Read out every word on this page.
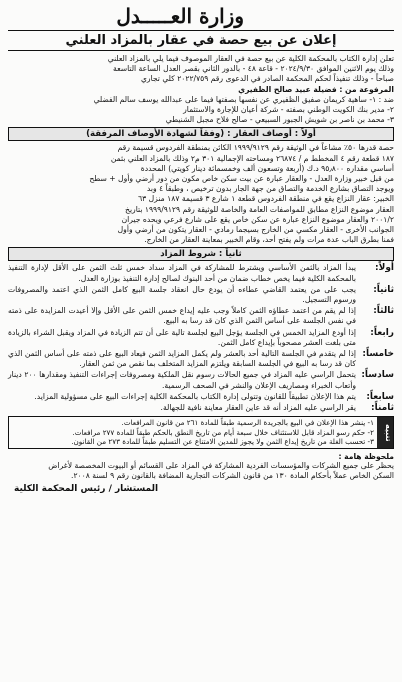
وزارة العـــــدل
إعلان عن بيع حصة في عقار بالمزاد العلني

تعلن إدارة الكتاب بالمحكمة الكلية عن بيع حصة في العقار الموصوف فيما يلي بالمزاد العلني

وذلك يوم الاثنين الموافق ٢٠٢٤/٩/٣٠ - قاعة ٤٨ - بالدور الثاني بقصر العدل الساعة التاسعة

صباحاً - وذلك تنفيذاً لحكم المحكمة الصادر في الدعوى رقم ٢٠٢٢/٧٥٩ كلي تجاري

المرفوعة من : فضيلة عبيد صالح الظفيري

ضد : ١- ساهية كريمان صفيق الظفيري عن نفسها بصفتها فيما على عبدالله يوسف سالم الفضلي

٢- مدير بنك الكويت الوطني بصفته - شركة أعيان للإجارة والاستثمار

٣- محمد بن ناصر بن شويش الجبور السبيعي - صالح فلاح مجبل الشنيطي

أولاً : أوصاف العقار : (وفقاً لشهادة الأوصاف المرفقة)

حصة قدرها ٥٠٪ مشاعاً في الوثيقة رقم ١٩٩٩/٩١٢٩ الكائن بمنطقة الفردوس قسيمة رقم

١٨٧ قطعة رقم ٤ المخطط م / ٢٦٨٧٤ ومساحته الإجمالية ٣٠١ م٢ وذلك بالمزاد العلني بثمن

أساسي مقداره ٩٥٫٨٠٠ د.ك (أربعة وتسعون ألف وخمسمائة دينار كويتي) المحددة

من قبل خبير وزارة العدل - والعقار عبارة عن بيت سكن خاص مكون من دور أرضي وأول + سطح

ويوجد التصاق بشارع الخدمة والتصاق من جهة الجار بدون ترخيص ، وطبقاً ٤ وبد

الخبير: عقار النزاع يقع في منطقة الفردوس قطعة ١ شارع ٣ قسيمة ١٨٧ منزل ٦٣

العقار موضوع النزاع مطابق للمواصفات العامة والخاصة للوثيقة رقم ١٩٩٩/٩١٢٩ بتاريخ

٢٠٠١/٢ والعقار موضوع النزاع عبارة عن سكن خاص يقع على شارع فرعي ويحده جيران

الجوانب الأخرى - العقار مكسي من الخارج بسيجما رمادي - العقار يتكون من أرضي وأول

فمنا بطرق الباب عدة مرات ولم يفتح أحد، وقام الخبير بمعاينة العقار من الخارج.

ثانياً : شروط المزاد
أولاً:
يبدأ المزاد بالثمن الأساسي ويشترط للمشاركة في المزاد سداد خمس ثلث الثمن على الأقل لإدارة التنفيذ بالمحكمة الكلية فيما يخص خطاب ضمان من أحد البنوك لصالح إدارة التنفيذ بوزارة العدل.
ثانياً:
يجب على من يعتمد القاضي عطاءه أن يودع حال انعقاد جلسة البيع كامل الثمن الذي اعتمد والمصروفات ورسوم التسجيل.
ثالثاً:
إذا لم يقم من اعتمد عطاؤه الثمن كاملاً وجب عليه إيداع خمس الثمن على الأقل وإلا أعيدت المزايدة على ذمته في نفس الجلسة على أساس الثمن الذي كان قد رسا به البيع.
رابعاً:
إذا أودع المزايد الخمس في الجلسة يؤجل البيع لجلسة تالية على أن تتم الزيادة في المزاد ويقبل الشراء بالزيادة متى بلغت العشر مصحوباً بإيداع كامل الثمن.
خامساً:
إذا لم يتقدم في الجلسة التالية أحد بالعشر ولم يكمل المزايد الثمن فيعاد البيع على ذمته على أساس الثمن الذي كان قد رسا به البيع في الجلسة السابقة ويلتزم المزايد المتخلف بما نقص من ثمن العقار.
سادساً:
يتحمل الراسي عليه المزاد في جميع الحالات رسوم نقل الملكية ومصروفات إجراءات التنفيذ ومقدارها ٢٠٠ دينار وأتعاب الخبراء ومصاريف الإعلان والنشر في الصحف الرسمية.
سابعاً:
يتم هذا الإعلان تطبيقاً للقانون وتتولى إدارة الكتاب بالمحكمة الكلية إجراءات البيع على مسؤولية المزايد.
ثامناً:
يقر الراسي عليه المزاد أنه قد عاين العقار معاينة نافية للجهالة.
تنبيه

١- ينشر هذا الإعلان في البيع بالجريدة الرسمية طبقاً للمادة ٢٦١ من قانون المرافعات.

٢- حكم رسو المزاد قابل للاستئناف خلال سبعة أيام من تاريخ النطق بالحكم طبقاً للمادة ٢٧٧ مرافعات.

٣- تحسب الغلة من تاريخ إيداع الثمن ولا يجوز للمدين الامتناع عن التسليم طبقاً للمادة ٢٧٣ من القانون.

ملحوظة هامة :

يحظر على جميع الشركات والمؤسسات الفردية المشاركة في المزاد على القسائم أو البيوت المخصصة لأغراض

السكن الخاص عملاً بأحكام المادة ١٣٠ من قانون الشركات التجارية المضافة بالقانون رقم ٩ لسنة ٢٠٠٨.

المستشار / رئيس المحكمة الكلية
